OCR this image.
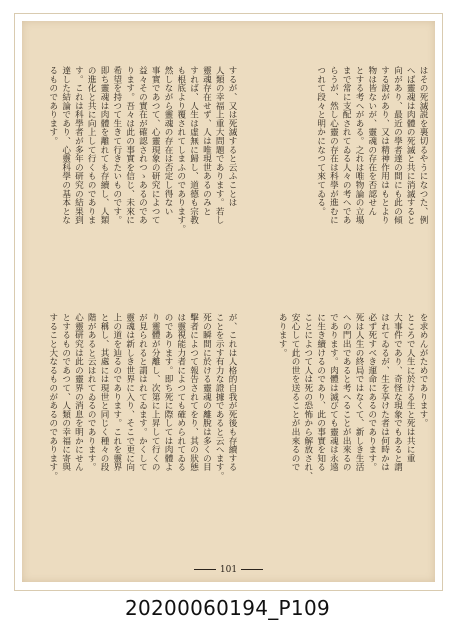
はその死滅説を裏切るやうになつた、例
へば靈魂は肉體の死滅と共に消滅すると
向があり、最近の學者達の間にも此の傾
する說があり、又は精神作用はもとより
物は皆ないが、靈魂の存在を否認せん
とする考へがある。之れは唯物論の立場
まで常に支配されてゐる人々の考へであ
らうが、然し心靈の存在は科學が進むに
つれて段々と明かになつて來てゐる。
するが、又は死滅すると云ふことは
人類の幸福上重大問題であります。若し
靈魂存在せず、人は唯現世あるのみと
すれば、人生は虛無に歸し、道德も宗教
も根底より覆されてしまふのであります。
然しながら靈魂の存在は否定し得ない
事實であつて、心靈現象の研究によつて
益々その實在が確認されつゝあるのであ
ります。吾々は此の事實を信じ、未來に
希望を持つて生きて行きたいものです。
即ち靈魂は肉體を離れても存續し、人類
の進化と共に向上して行くものでありま
す。これは科學者が多年の研究の結果到
達した結論であり、心靈科學の基本とな
るものであります。
を求めんがためであります。
ところで人生に於ける生と死は共に重
大事件であり、奇怪な現象でもあると謂
はれてゐるが、生を享けた者は何時かは
必ず死すべき運命にあるのであります。
死は人生の終局ではなくて、新しき生活
への門出であると考へることが出來るの
であります。肉體は滅びても靈魂は永遠
に生き續けるのであり、此の事實を知る
ことによつて人は死の恐怖から解放され、
安心して此の世を送ることが出來るので
あります。
が、これは人格的自我が死後も存續する
ことを示す有力な證據であると云へます。
死の瞬間に於ける靈魂の離脫は多くの目
擊者によつて報告されてをり、其の狀態
は靈視能力者によつても確められてゐる
のであります。即ち死に際しては肉體よ
り靈體が分離し、次第に上昇して行くの
が見られると謂はれてゐます。かくして
靈魂は新しき世界に入り、そこで更に向
上の道を辿るのであります。これを靈界
と稱し、其處には現世と同じく種々の段
階があると云はれてゐるのであります。
心靈研究は此の靈界の消息を明かにせん
とするものであつて、人類の幸福に寄與
すること大なるものがあるのであります。
101
20200060194_P109
